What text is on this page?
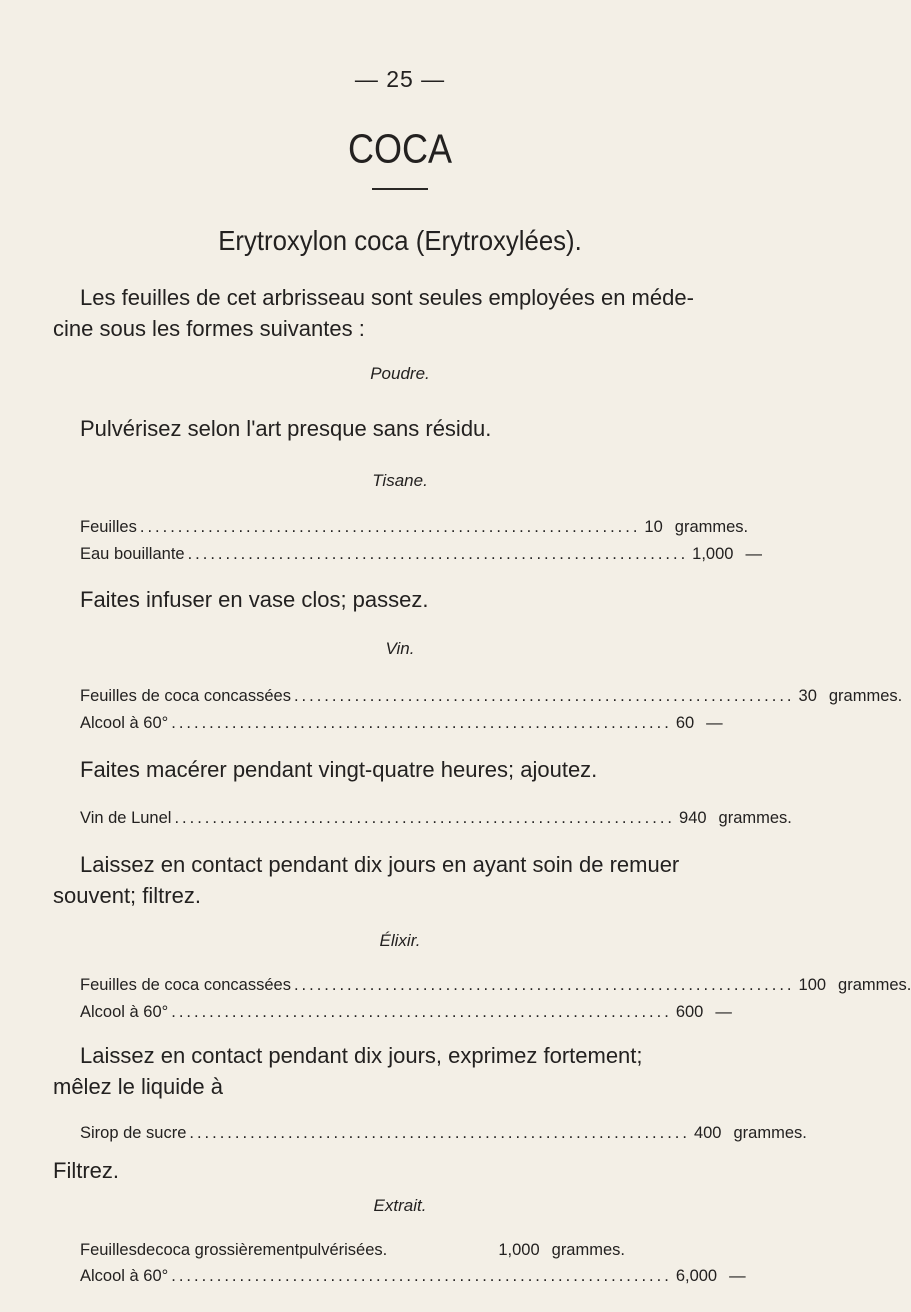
— 25 —
COCA
Erytroxylon coca (Erytroxylées).
Les feuilles de cet arbrisseau sont seules employées en méde-
cine sous les formes suivantes :
Poudre.
Pulvérisez selon l'art presque sans résidu.
Tisane.
Feuilles .................................................................. 10 grammes.
Eau bouillante .................................................................. 1,000 —
Faites infuser en vase clos; passez.
Vin.
Feuilles de coca concassées .................................................................. 30 grammes.
Alcool à 60° .................................................................. 60 —
Faites macérer pendant vingt-quatre heures; ajoutez.
Vin de Lunel .................................................................. 940 grammes.
Laissez en contact pendant dix jours en ayant soin de remuer
souvent; filtrez.
Élixir.
Feuilles de coca concassées .................................................................. 100 grammes.
Alcool à 60° .................................................................. 600 —
Laissez en contact pendant dix jours, exprimez fortement;
mêlez le liquide à
Sirop de sucre .................................................................. 400 grammes.
Filtrez.
Extrait.
Feuillesdecoca grossièrementpulvérisées.	1,000 grammes.
Alcool à 60° .................................................................. 6,000 —
